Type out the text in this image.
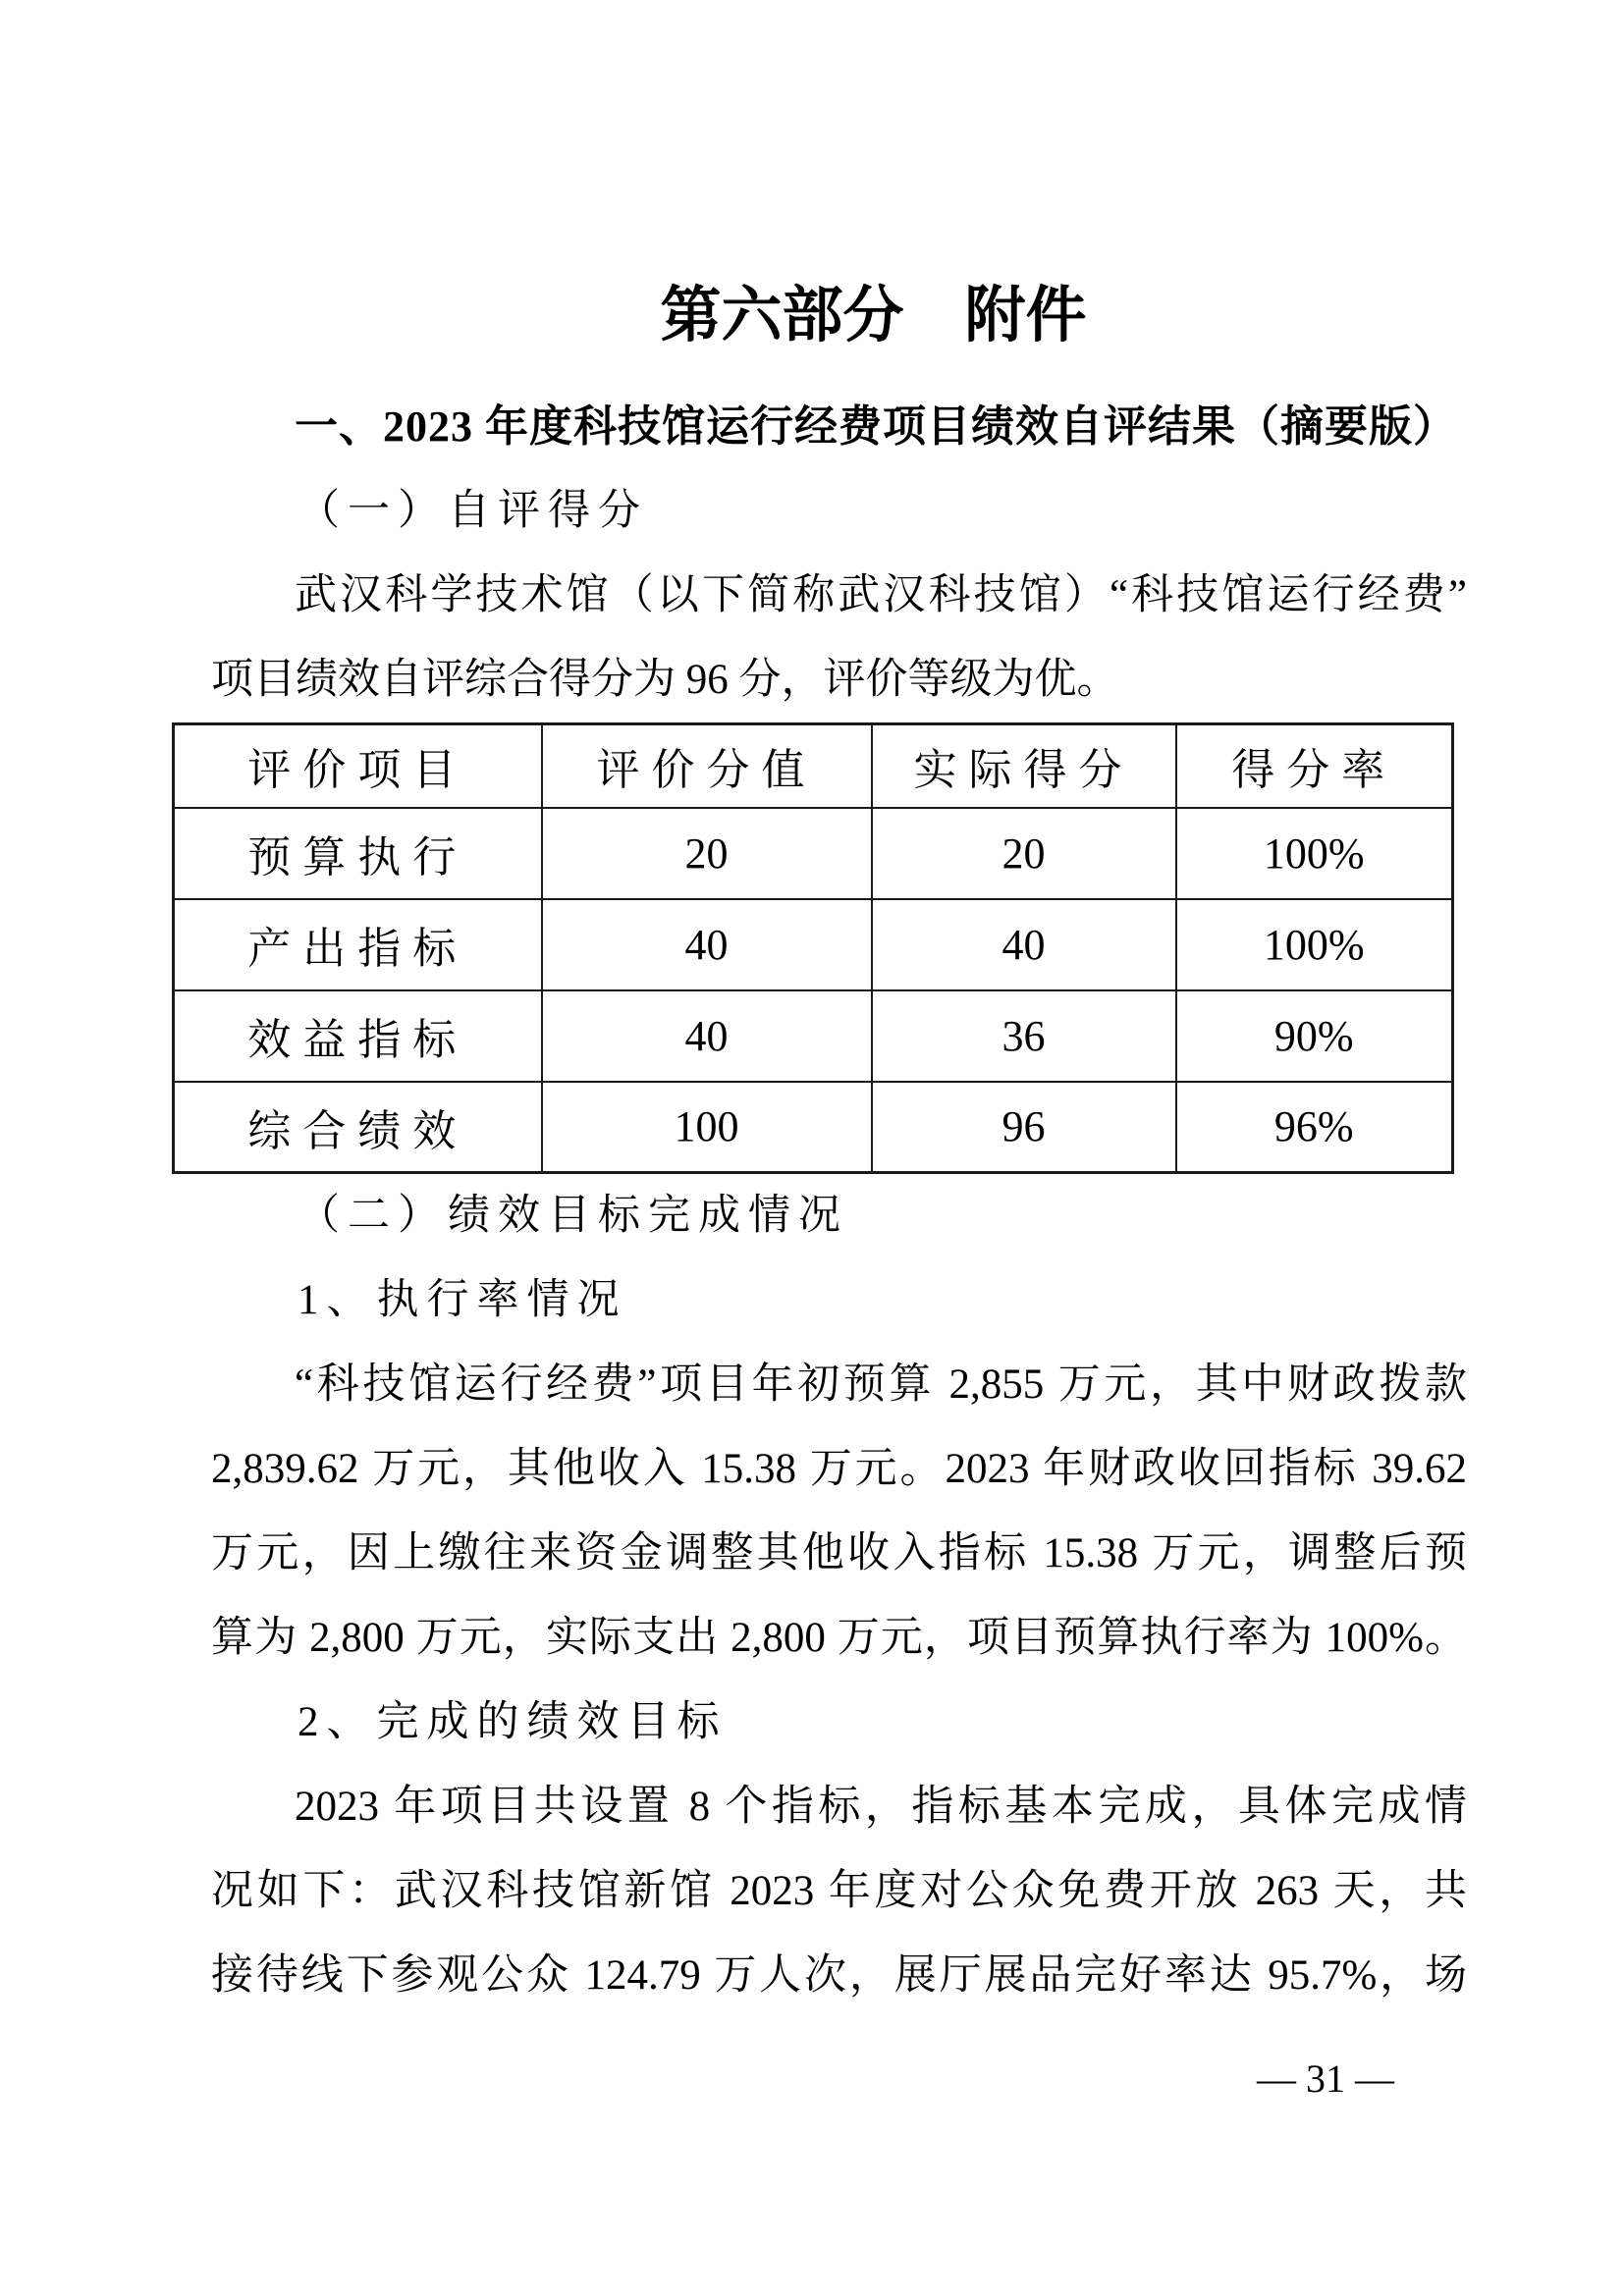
第六部分　附件
一、2023 年度科技馆运行经费项目绩效自评结果（摘要版）
（一）自评得分
武汉科学技术馆（以下简称武汉科技馆）“科技馆运行经费”
项目绩效自评综合得分为 96 分，评价等级为优。
评价项目	评价分值	实际得分	得分率
预算执行	20	20	100%
产出指标	40	40	100%
效益指标	40	36	90%
综合绩效	100	96	96%
（二）绩效目标完成情况
1、执行率情况
“科技馆运行经费”项目年初预算 2,855 万元，其中财政拨款
2,839.62 万元，其他收入 15.38 万元。2023 年财政收回指标 39.62
万元，因上缴往来资金调整其他收入指标 15.38 万元，调整后预
算为 2,800 万元，实际支出 2,800 万元，项目预算执行率为 100%。
2、完成的绩效目标
2023 年项目共设置 8 个指标，指标基本完成，具体完成情
况如下：武汉科技馆新馆 2023 年度对公众免费开放 263 天，共
接待线下参观公众 124.79 万人次，展厅展品完好率达 95.7%，场
— 31 —
